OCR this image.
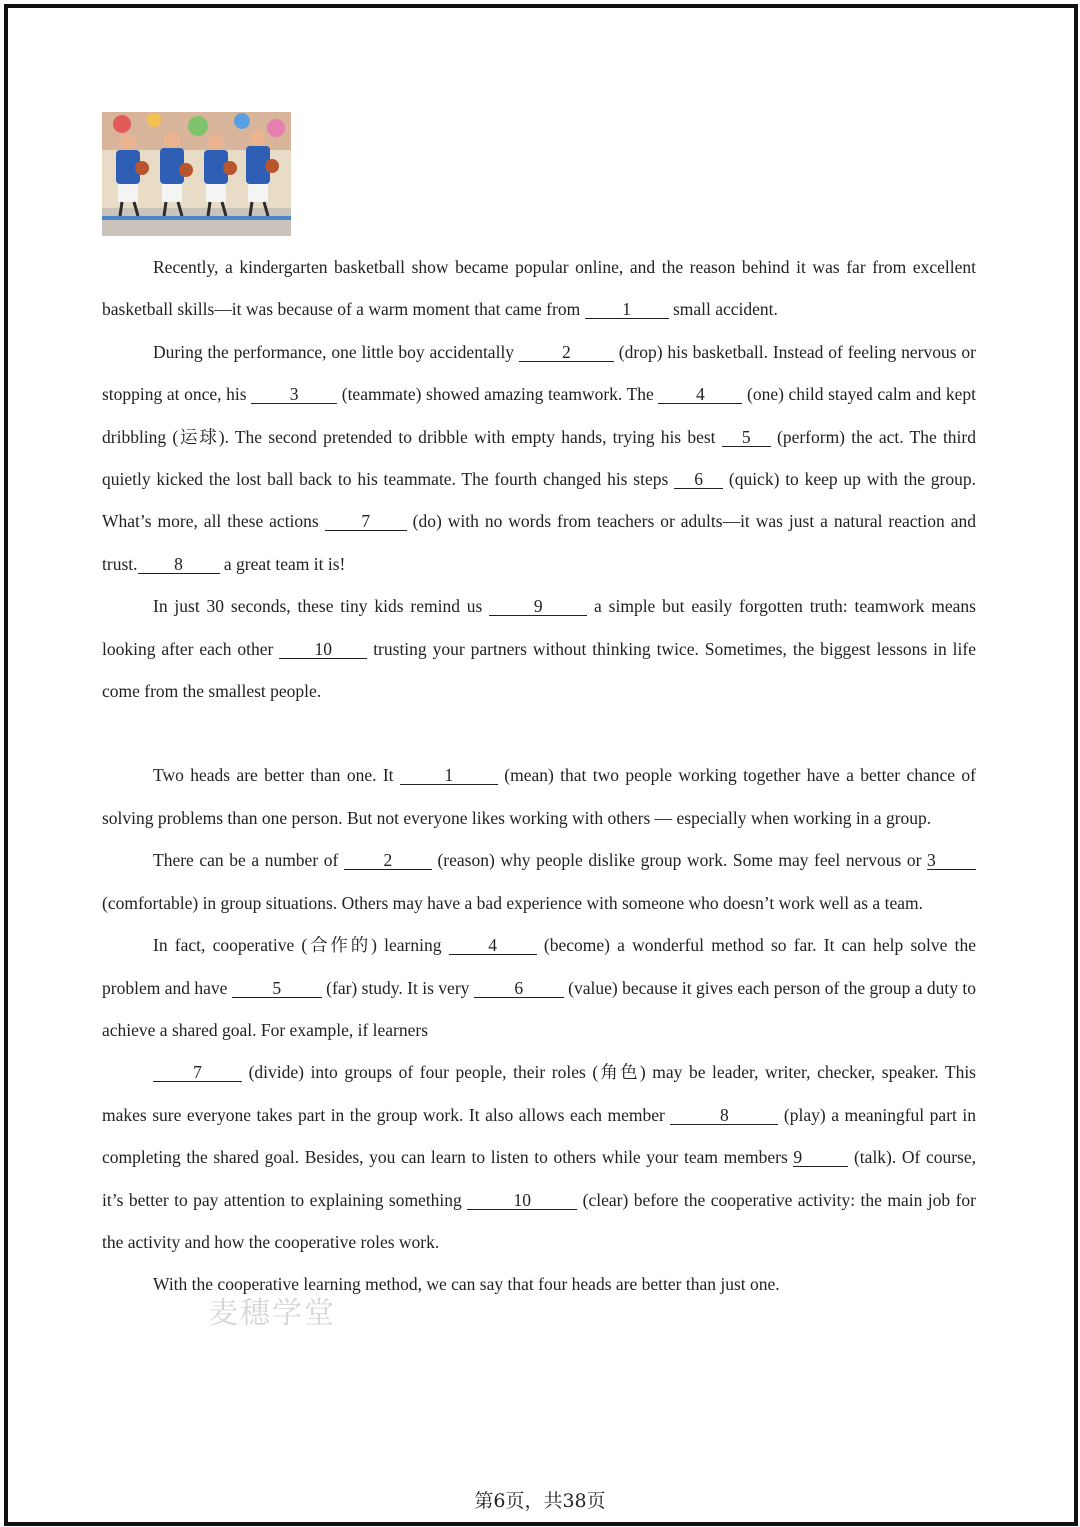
Recently, a kindergarten basketball show became popular online, and the reason behind it was far from excellent basketball skills—it was because of a warm moment that came from 1 small accident.

During the performance, one little boy accidentally 2 (drop) his basketball. Instead of feeling nervous or stopping at once, his 3 (teammate) showed amazing teamwork. The 4 (one) child stayed calm and kept dribbling (运球). The second pretended to dribble with empty hands, trying his best 5 (perform) the act. The third quietly kicked the lost ball back to his teammate. The fourth changed his steps 6 (quick) to keep up with the group. What’s more, all these actions 7 (do) with no words from teachers or adults—it was just a natural reaction and trust. 8 a great team it is!

In just 30 seconds, these tiny kids remind us	9	a simple but easily forgotten truth: teamwork means looking after each other 10 trusting your partners without thinking twice. Sometimes, the biggest lessons in life come from the smallest people.

Two heads are better than one. It	1	(mean) that two people working together have a better chance of solving problems than one person. But not everyone likes working with others — especially when working in a group.

There can be a number of 2 (reason) why people dislike group work. Some may feel nervous or 3 (comfortable) in group situations. Others may have a bad experience with someone who doesn’t work well as a team.

In fact, cooperative (合作的) learning 4 (become) a wonderful method so far. It can help solve the problem and have 5 (far) study. It is very 6 (value) because it gives each person of the group a duty to achieve a shared goal. For example, if learners

7 (divide) into groups of four people, their roles (角色) may be leader, writer, checker, speaker. This makes sure everyone takes part in the group work. It also allows each member	8	(play) a meaningful part in completing the shared goal. Besides, you can learn to listen to others while your team members 9	(talk). Of course, it’s better to pay attention to explaining something	10	(clear) before the cooperative activity: the main job for the activity and how the cooperative roles work.

With the cooperative learning method, we can say that four heads are better than just one.

麦穗学堂
第6页，共38页
